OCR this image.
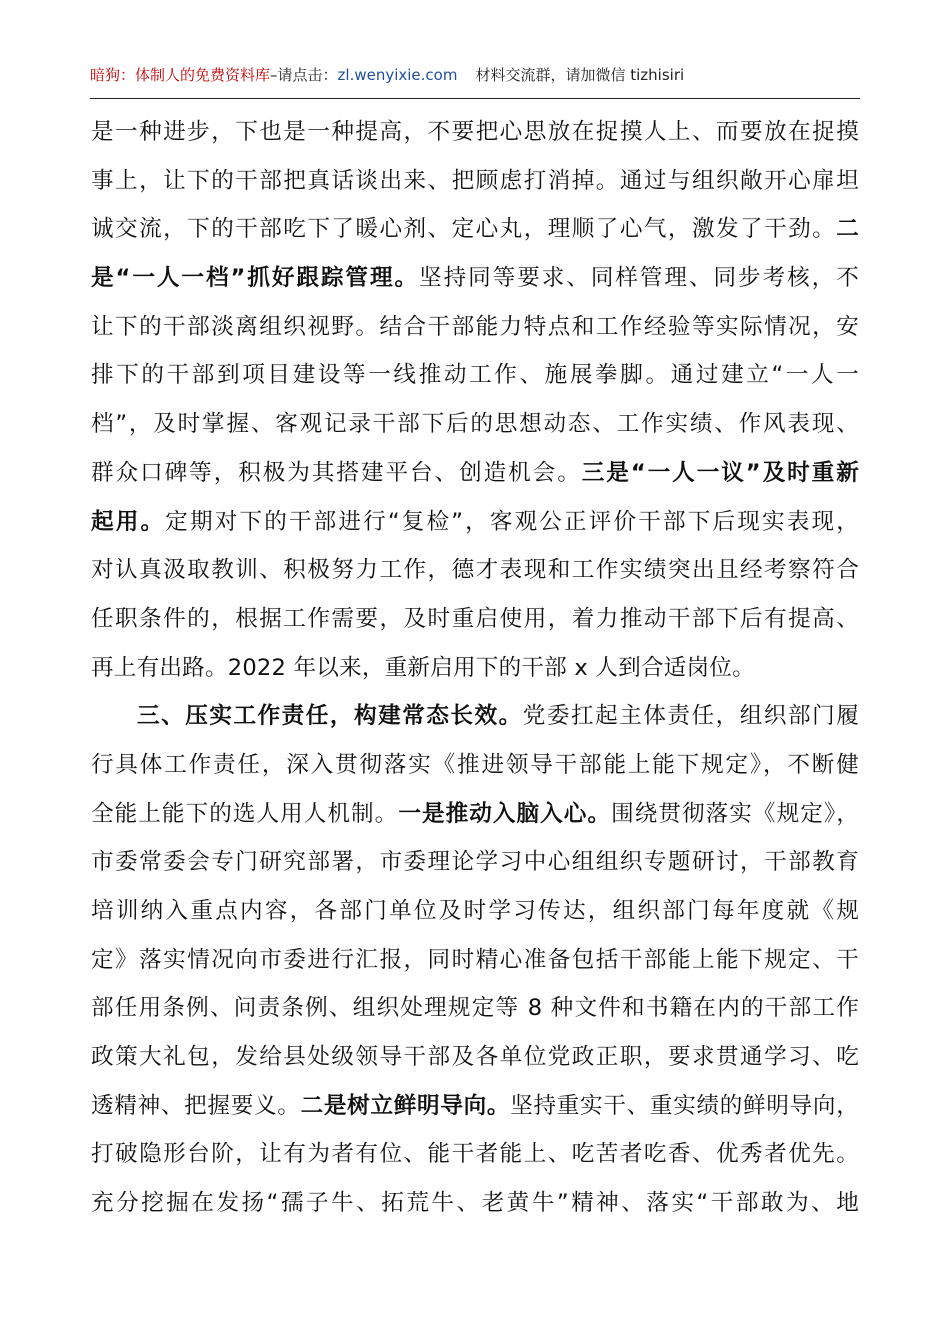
暗狗：体制人的免费资料库–请点击：zl.wenyixie.com 材料交流群，请加微信 tizhisiri
是一种进步，下也是一种提高，不要把心思放在捉摸人上、而要放在捉摸
事上，让下的干部把真话谈出来、把顾虑打消掉。通过与组织敞开心扉坦
诚交流，下的干部吃下了暖心剂、定心丸，理顺了心气，激发了干劲。二
是“一人一档”抓好跟踪管理。坚持同等要求、同样管理、同步考核，不
让下的干部淡离组织视野。结合干部能力特点和工作经验等实际情况，安
排下的干部到项目建设等一线推动工作、施展拳脚。通过建立“一人一
档”，及时掌握、客观记录干部下后的思想动态、工作实绩、作风表现、
群众口碑等，积极为其搭建平台、创造机会。三是“一人一议”及时重新
起用。定期对下的干部进行“复检”，客观公正评价干部下后现实表现，
对认真汲取教训、积极努力工作，德才表现和工作实绩突出且经考察符合
任职条件的，根据工作需要，及时重启使用，着力推动干部下后有提高、
再上有出路。2022 年以来，重新启用下的干部 x 人到合适岗位。
三、压实工作责任，构建常态长效。党委扛起主体责任，组织部门履
行具体工作责任，深入贯彻落实《推进领导干部能上能下规定》，不断健
全能上能下的选人用人机制。一是推动入脑入心。围绕贯彻落实《规定》，
市委常委会专门研究部署，市委理论学习中心组组织专题研讨，干部教育
培训纳入重点内容，各部门单位及时学习传达，组织部门每年度就《规
定》落实情况向市委进行汇报，同时精心准备包括干部能上能下规定、干
部任用条例、问责条例、组织处理规定等 8 种文件和书籍在内的干部工作
政策大礼包，发给县处级领导干部及各单位党政正职，要求贯通学习、吃
透精神、把握要义。二是树立鲜明导向。坚持重实干、重实绩的鲜明导向，
打破隐形台阶，让有为者有位、能干者能上、吃苦者吃香、优秀者优先。
充分挖掘在发扬“孺子牛、拓荒牛、老黄牛”精神、落实“干部敢为、地
